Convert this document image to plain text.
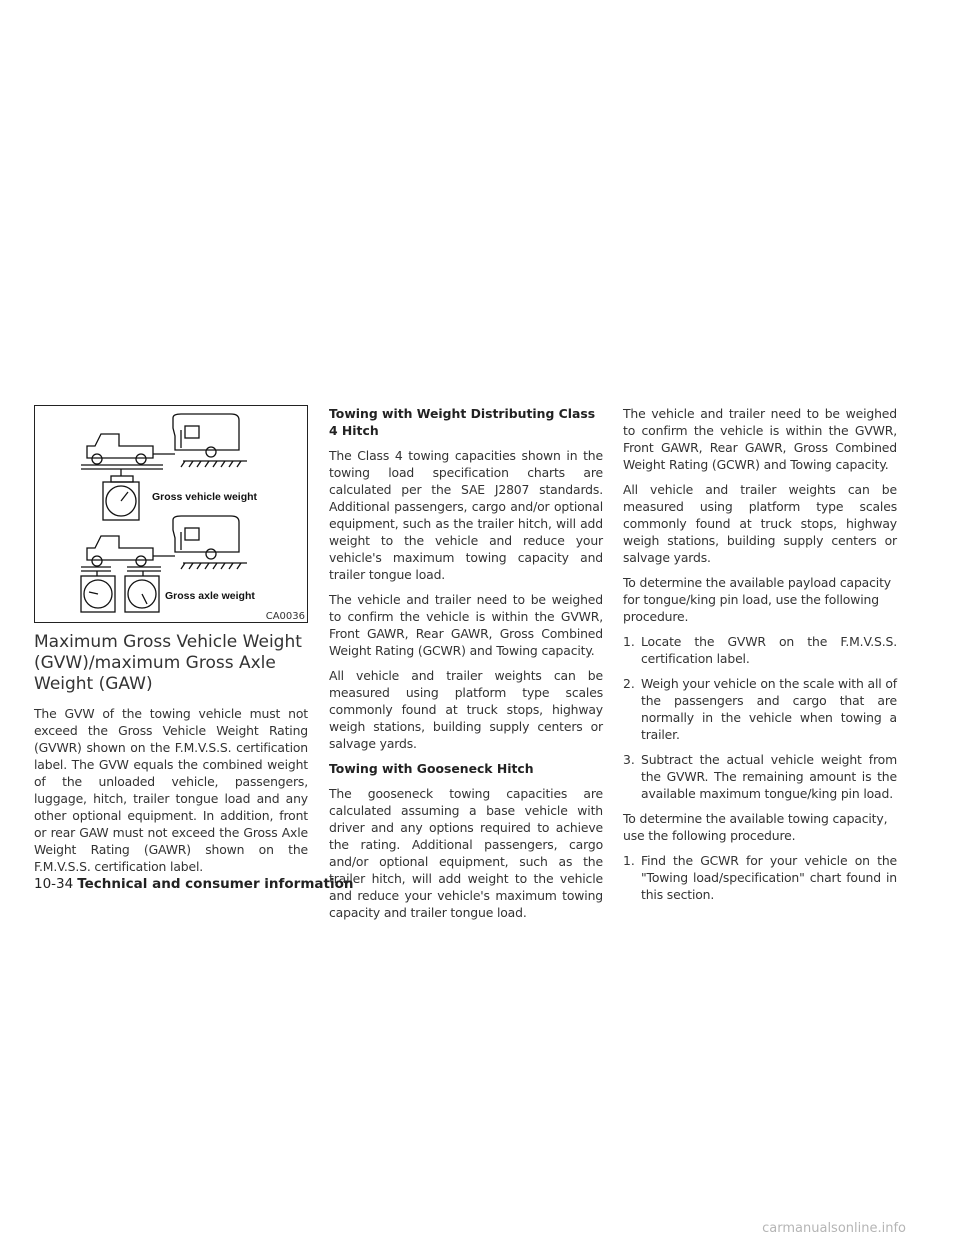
Gross vehicle weight
Gross axle weight
CA0036
Maximum Gross Vehicle Weight (GVW)/maximum Gross Axle Weight (GAW)

The GVW of the towing vehicle must not exceed the Gross Vehicle Weight Rating (GVWR) shown on the F.M.V.S.S. certification label. The GVW equals the combined weight of the unloaded vehicle, passengers, luggage, hitch, trailer tongue load and any other optional equipment. In addition, front or rear GAW must not exceed the Gross Axle Weight Rating (GAWR) shown on the F.M.V.S.S. certification label.

Towing with Weight Distributing Class 4 Hitch

The Class 4 towing capacities shown in the towing load specification charts are calculated per the SAE J2807 standards. Additional passengers, cargo and/or optional equipment, such as the trailer hitch, will add weight to the vehicle and reduce your vehicle's maximum towing capacity and trailer tongue load.

The vehicle and trailer need to be weighed to confirm the vehicle is within the GVWR, Front GAWR, Rear GAWR, Gross Combined Weight Rating (GCWR) and Towing capacity.

All vehicle and trailer weights can be measured using platform type scales commonly found at truck stops, highway weigh stations, building supply centers or salvage yards.

Towing with Gooseneck Hitch

The gooseneck towing capacities are calculated assuming a base vehicle with driver and any options required to achieve the rating. Additional passengers, cargo and/or optional equipment, such as the trailer hitch, will add weight to the vehicle and reduce your vehicle's maximum towing capacity and trailer tongue load.

The vehicle and trailer need to be weighed to confirm the vehicle is within the GVWR, Front GAWR, Rear GAWR, Gross Combined Weight Rating (GCWR) and Towing capacity.

All vehicle and trailer weights can be measured using platform type scales commonly found at truck stops, highway weigh stations, building supply centers or salvage yards.

To determine the available payload capacity for tongue/king pin load, use the following procedure.

1. Locate the GVWR on the F.M.V.S.S. certification label.
2. Weigh your vehicle on the scale with all of the passengers and cargo that are normally in the vehicle when towing a trailer.
3. Subtract the actual vehicle weight from the GVWR. The remaining amount is the available maximum tongue/king pin load.

To determine the available towing capacity, use the following procedure.

1. Find the GCWR for your vehicle on the "Towing load/specification" chart found in this section.
10-34 Technical and consumer information
carmanualsonline.info
